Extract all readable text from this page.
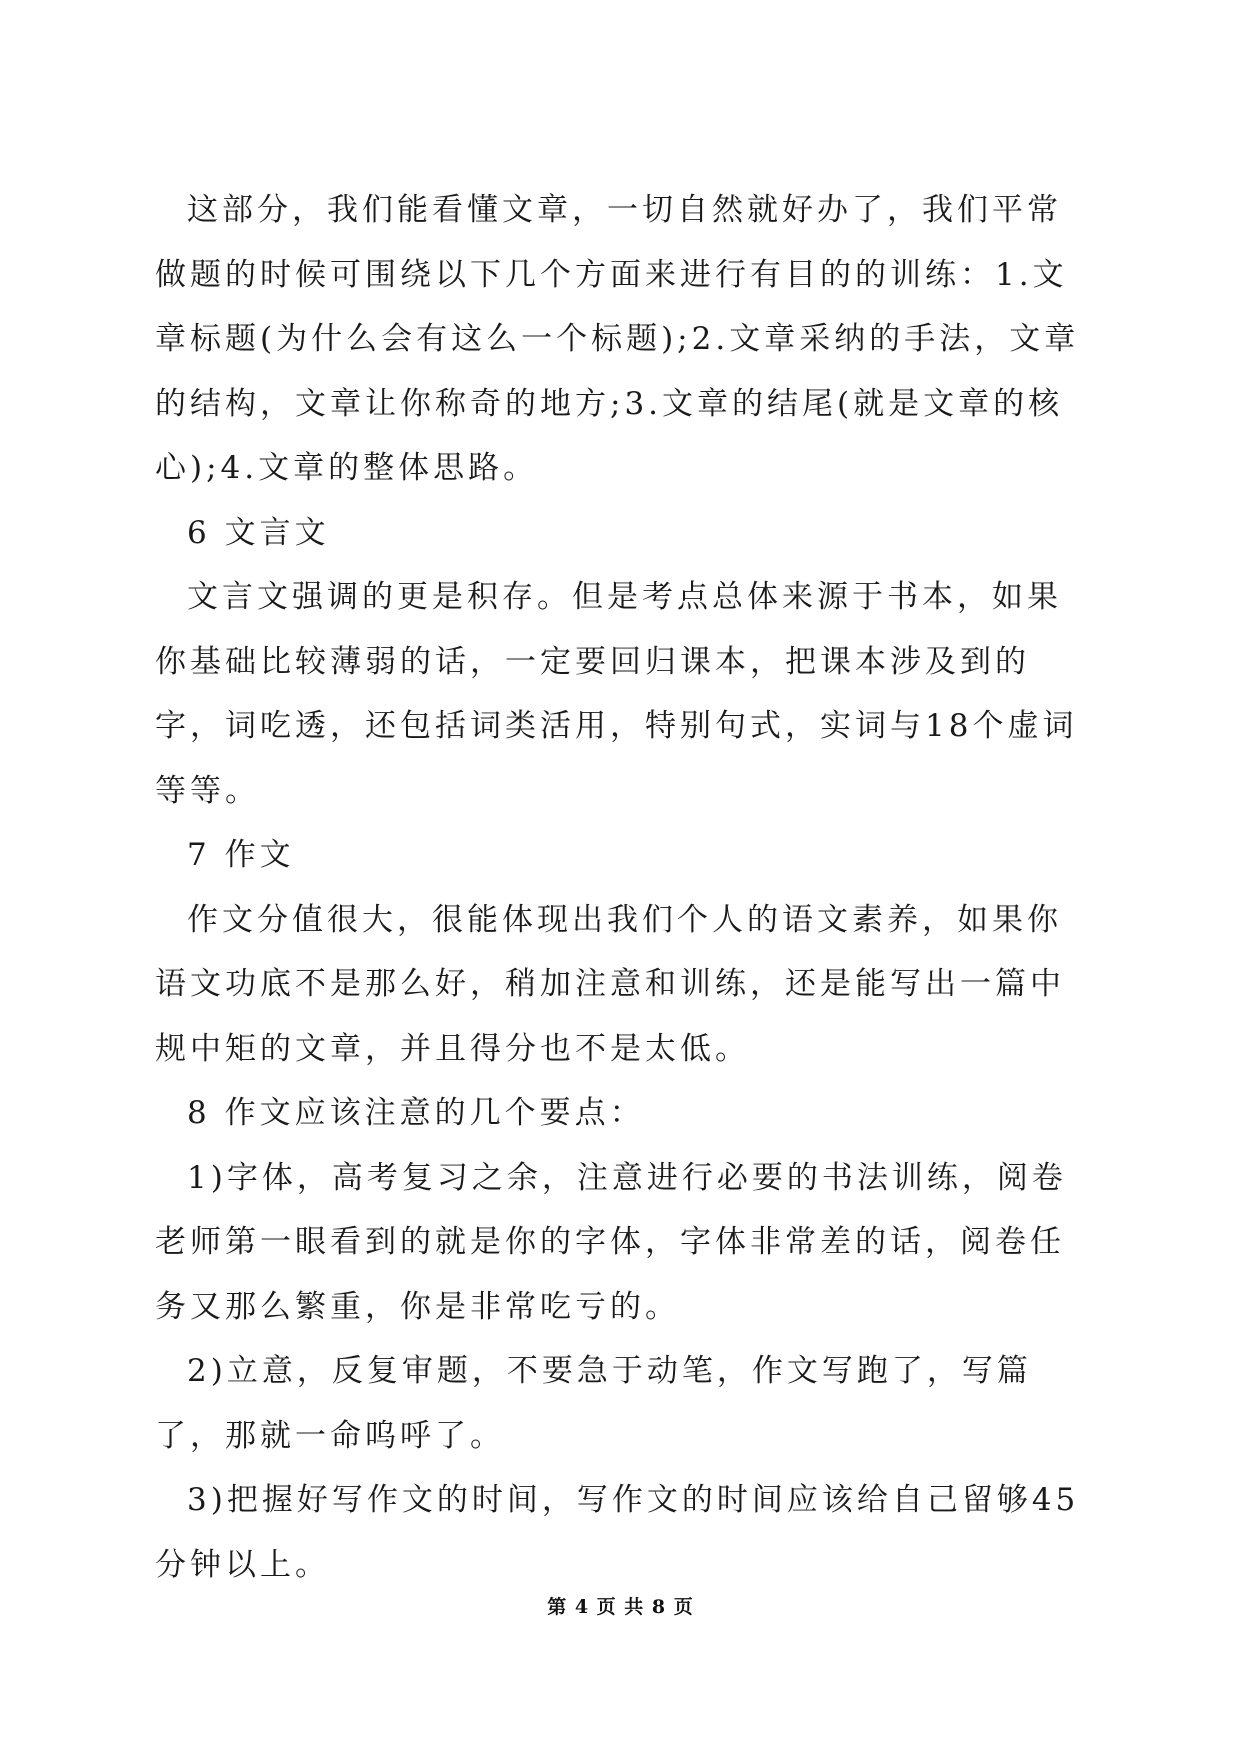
这部分，我们能看懂文章，一切自然就好办了，我们平常做题的时候可围绕以下几个方面来进行有目的的训练：1.文章标题(为什么会有这么一个标题);2.文章采纳的手法，文章的结构，文章让你称奇的地方;3.文章的结尾(就是文章的核心);4.文章的整体思路。

6 文言文

文言文强调的更是积存。但是考点总体来源于书本，如果你基础比较薄弱的话，一定要回归课本，把课本涉及到的字，词吃透，还包括词类活用，特别句式，实词与18个虚词等等。

7 作文

作文分值很大，很能体现出我们个人的语文素养，如果你语文功底不是那么好，稍加注意和训练，还是能写出一篇中规中矩的文章，并且得分也不是太低。

8 作文应该注意的几个要点：

1)字体，高考复习之余，注意进行必要的书法训练，阅卷老师第一眼看到的就是你的字体，字体非常差的话，阅卷任务又那么繁重，你是非常吃亏的。

2)立意，反复审题，不要急于动笔，作文写跑了，写篇了，那就一命呜呼了。

3)把握好写作文的时间，写作文的时间应该给自己留够45分钟以上。

第 4 页 共 8 页
